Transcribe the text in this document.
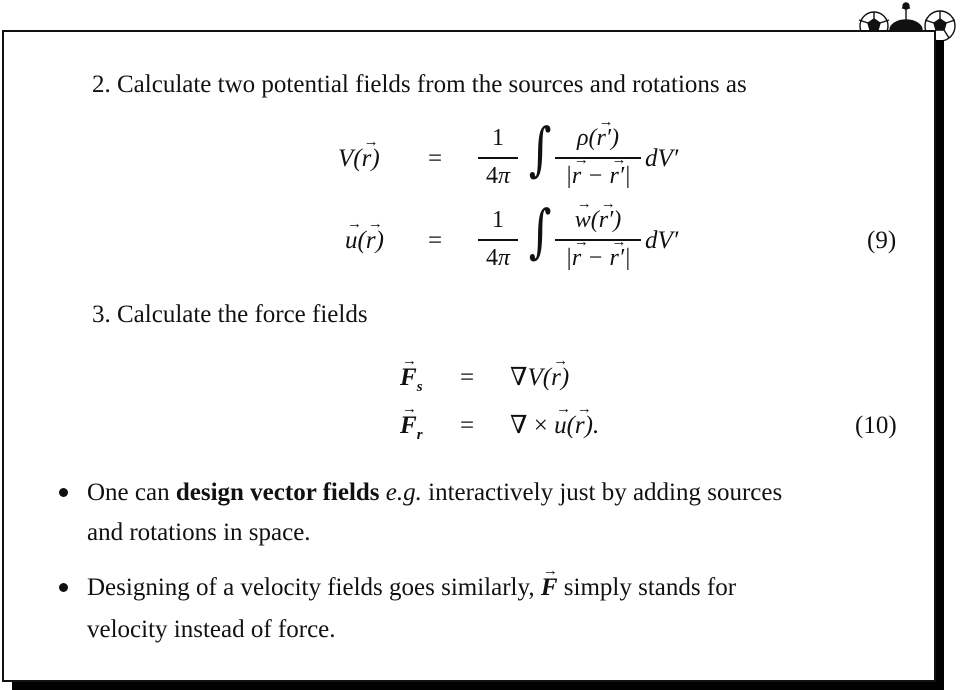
2. Calculate two potential fields from the sources and rotations as
V(→ r) =
1
4π ∫	ρ(→ r′)
|→ r − → r′|
dV′
→ u(→ r) =
1
4π ∫ → w(→ r′)
|→ r − → r′|
dV′	(9)
3. Calculate the force fields
→ $F_s = \nabla V(\to r)$
→ $F_r$ = ∇ × → u(→ r).	(10)
One can design vector fields e.g. interactively just by adding sources
and rotations in space.
Designing of a velocity fields goes similarly, → F simply stands for
velocity instead of force.
